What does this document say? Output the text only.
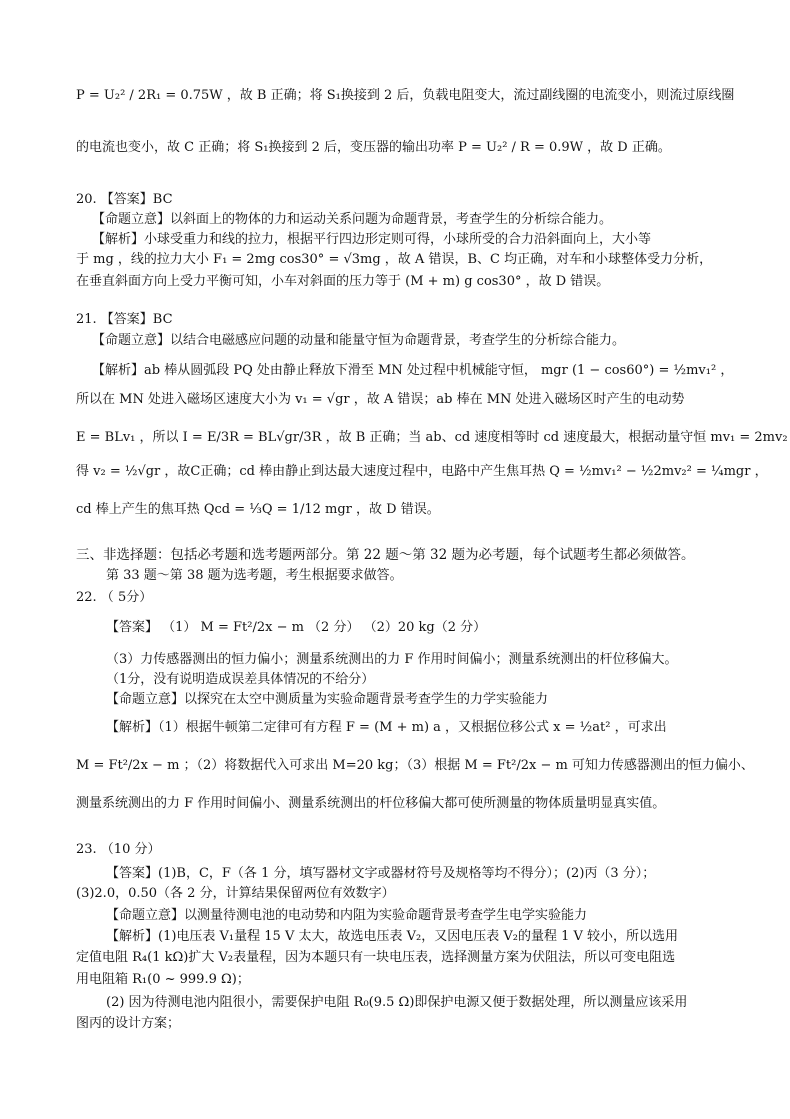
P = U₂² / 2R₁ = 0.75W ，故 B 正确；将 S₁换接到 2 后，负载电阻变大，流过副线圈的电流变小，则流过原线圈
的电流也变小，故 C 正确；将 S₁换接到 2 后，变压器的输出功率 P = U₂² / R = 0.9W ，故 D 正确。
20. 【答案】BC
【命题立意】以斜面上的物体的力和运动关系问题为命题背景，考查学生的分析综合能力。
【解析】小球受重力和线的拉力，根据平行四边形定则可得，小球所受的合力沿斜面向上，大小等
于 mg ，线的拉力大小 F₁ = 2mg cos30° = √3mg ，故 A 错误，B、C 均正确，对车和小球整体受力分析，
在垂直斜面方向上受力平衡可知，小车对斜面的压力等于 (M + m) g cos30° ，故 D 错误。
21. 【答案】BC
【命题立意】以结合电磁感应问题的动量和能量守恒为命题背景，考查学生的分析综合能力。
【解析】ab 棒从圆弧段 PQ 处由静止释放下滑至 MN 处过程中机械能守恒， mgr (1 − cos60°) = ½mv₁² ，
所以在 MN 处进入磁场区速度大小为 v₁ = √gr ，故 A 错误；ab 棒在 MN 处进入磁场区时产生的电动势
E = BLv₁ ，所以 I = E/3R = BL√gr/3R ，故 B 正确；当 ab、cd 速度相等时 cd 速度最大，根据动量守恒 mv₁ = 2mv₂
得 v₂ = ½√gr ，故C正确；cd 棒由静止到达最大速度过程中，电路中产生焦耳热 Q = ½mv₁² − ½2mv₂² = ¼mgr ，
cd 棒上产生的焦耳热 Qcd = ⅓Q = 1/12 mgr ，故 D 错误。
三、非选择题：包括必考题和选考题两部分。第 22 题～第 32 题为必考题，每个试题考生都必须做答。
第 33 题～第 38 题为选考题，考生根据要求做答。
22. （ 5分）
【答案】 （1） M = Ft²/2x − m （2 分） （2）20 kg（2 分）
（3）力传感器测出的恒力偏小；测量系统测出的力 F 作用时间偏小；测量系统测出的杆位移偏大。
（1分，没有说明造成误差具体情况的不给分）
【命题立意】以探究在太空中测质量为实验命题背景考查学生的力学实验能力
【解析】（1）根据牛顿第二定律可有方程 F = (M + m) a ，又根据位移公式 x = ½at² ，可求出
M = Ft²/2x − m ；（2）将数据代入可求出 M=20 kg；（3）根据 M = Ft²/2x − m 可知力传感器测出的恒力偏小、
测量系统测出的力 F 作用时间偏小、测量系统测出的杆位移偏大都可使所测量的物体质量明显真实值。
23. （10 分）
【答案】(1)B，C，F（各 1 分，填写器材文字或器材符号及规格等均不得分）；(2)丙（3 分）；
(3)2.0，0.50（各 2 分，计算结果保留两位有效数字）
【命题立意】以测量待测电池的电动势和内阻为实验命题背景考查学生电学实验能力
【解析】(1)电压表 V₁量程 15 V 太大，故选电压表 V₂，又因电压表 V₂的量程 1 V 较小，所以选用
定值电阻 R₄(1 kΩ)扩大 V₂表量程，因为本题只有一块电压表，选择测量方案为伏阻法，所以可变电阻选
用电阻箱 R₁(0 ~ 999.9 Ω)；
(2) 因为待测电池内阻很小，需要保护电阻 R₀(9.5 Ω)即保护电源又便于数据处理，所以测量应该采用
图丙的设计方案；
